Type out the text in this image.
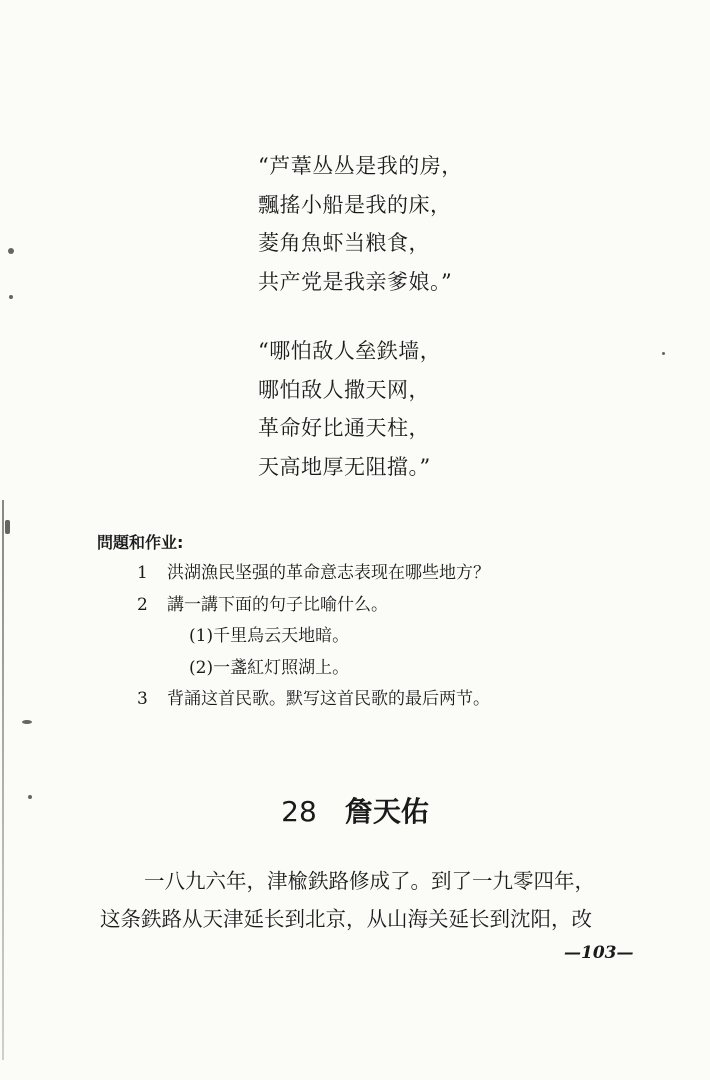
“芦葦丛丛是我的房，
飄搖小船是我的床，
菱角魚虾当粮食，
共产党是我亲爹娘。”
“哪怕敌人垒鉄墙，
哪怕敌人撒天网，
革命好比通天柱，
天高地厚无阻擋。”
問題和作业:
1 洪湖漁民坚强的革命意志表现在哪些地方？
2 講一講下面的句子比喻什么。
(1)千里烏云天地暗。
(2)一盞紅灯照湖上。
3 背誦这首民歌。默写这首民歌的最后两节。
28 詹天佑
一八九六年，津楡鉄路修成了。到了一九零四年，
这条鉄路从天津延长到北京，从山海关延长到沈阳，改
—103—
